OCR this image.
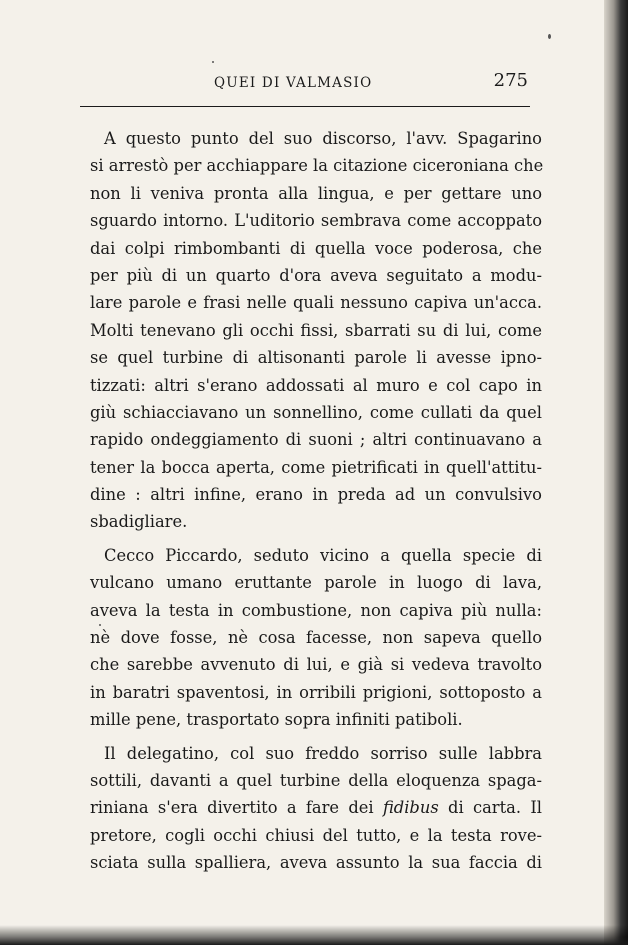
QUEI DI VALMASIO	275
A questo punto del suo discorso, l'avv. Spagarino
si arrestò per acchiappare la citazione ciceroniana che
non li veniva pronta alla lingua, e per gettare uno
sguardo intorno. L'uditorio sembrava come accoppato
dai colpi rimbombanti di quella voce poderosa, che
per più di un quarto d'ora aveva seguitato a modu-
lare parole e frasi nelle quali nessuno capiva un'acca.
Molti tenevano gli occhi fissi, sbarrati su di lui, come
se quel turbine di altisonanti parole li avesse ipno-
tizzati: altri s'erano addossati al muro e col capo in
giù schiacciavano un sonnellino, come cullati da quel
rapido ondeggiamento di suoni ; altri continuavano a
tener la bocca aperta, come pietrificati in quell'attitu-
dine : altri infine, erano in preda ad un convulsivo
sbadigliare.
Cecco Piccardo, seduto vicino a quella specie di
vulcano umano eruttante parole in luogo di lava,
aveva la testa in combustione, non capiva più nulla:
nè dove fosse, nè cosa facesse, non sapeva quello
che sarebbe avvenuto di lui, e già si vedeva travolto
in baratri spaventosi, in orribili prigioni, sottoposto a
mille pene, trasportato sopra infiniti patiboli.
Il delegatino, col suo freddo sorriso sulle labbra
sottili, davanti a quel turbine della eloquenza spaga-
riniana s'era divertito a fare dei fidibus di carta. Il
pretore, cogli occhi chiusi del tutto, e la testa rove-
sciata sulla spalliera, aveva assunto la sua faccia di
